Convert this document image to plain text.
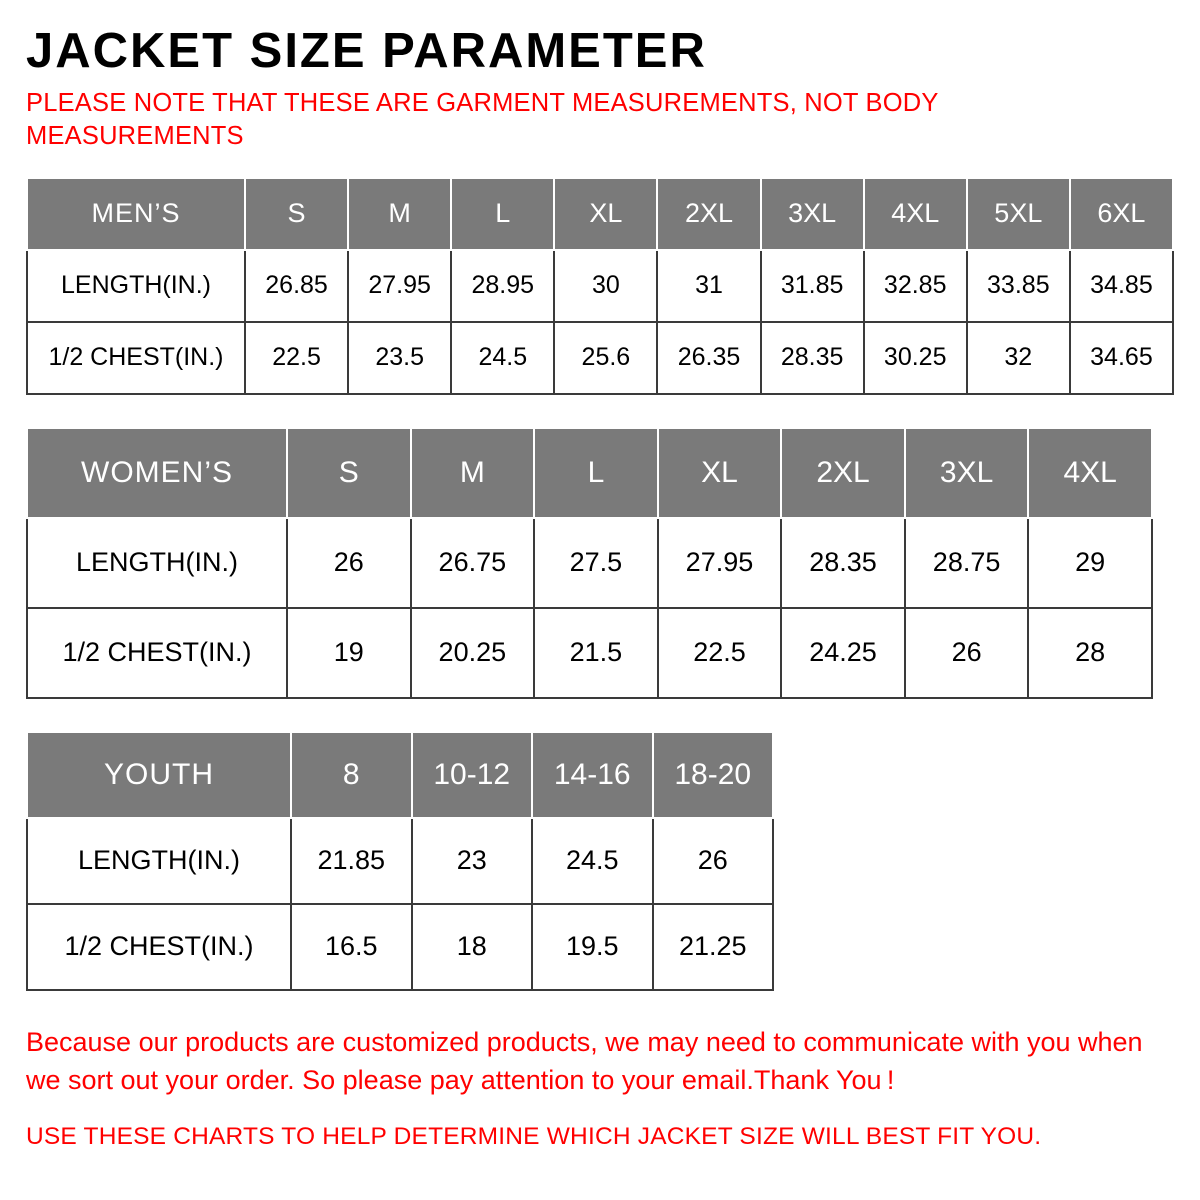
JACKET SIZE PARAMETER

PLEASE NOTE THAT THESE ARE GARMENT MEASUREMENTS, NOT BODY MEASUREMENTS

MEN’S	S	M	L	XL	2XL	3XL	4XL	5XL	6XL
LENGTH(IN.)	26.85	27.95	28.95	30	31	31.85	32.85	33.85	34.85
1/2 CHEST(IN.)	22.5	23.5	24.5	25.6	26.35	28.35	30.25	32	34.65
WOMEN’S	S	M	L	XL	2XL	3XL	4XL
LENGTH(IN.)	26	26.75	27.5	27.95	28.35	28.75	29
1/2 CHEST(IN.)	19	20.25	21.5	22.5	24.25	26	28
YOUTH	8	10-12	14-16	18-20
LENGTH(IN.)	21.85	23	24.5	26
1/2 CHEST(IN.)	16.5	18	19.5	21.25

Because our products are customized products, we may need to communicate with you when we sort out your order. So please pay attention to your email.Thank You !

USE THESE CHARTS TO HELP DETERMINE WHICH JACKET SIZE WILL BEST FIT YOU.
